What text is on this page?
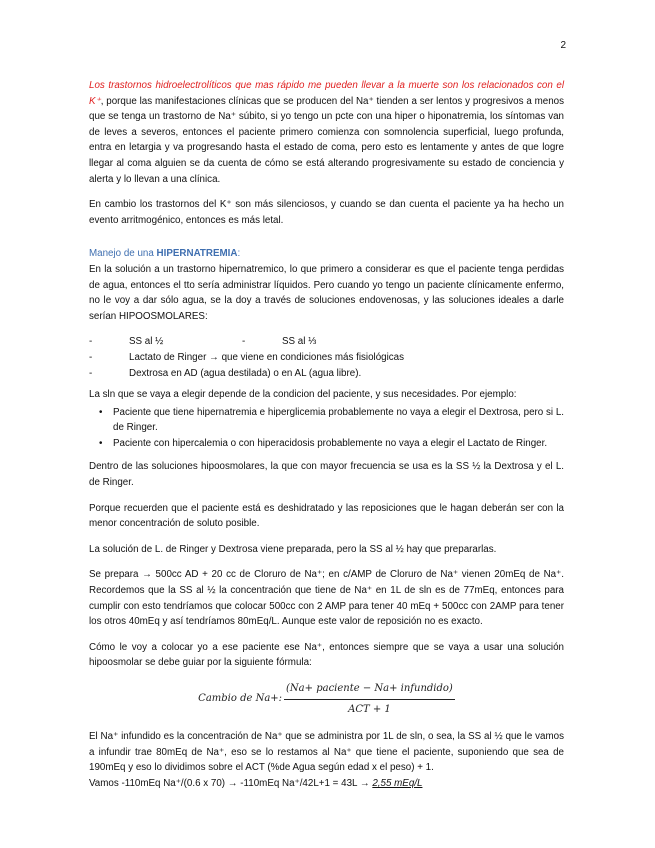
2

Los trastornos hidroelectrolíticos que mas rápido me pueden llevar a la muerte son los relacionados con el K⁺, porque las manifestaciones clínicas que se producen del Na⁺ tienden a ser lentos y progresivos a menos que se tenga un trastorno de Na⁺ súbito, si yo tengo un pcte con una hiper o hiponatremia, los síntomas van de leves a severos, entonces el paciente primero comienza con somnolencia superficial, luego profunda, entra en letargia y va progresando hasta el estado de coma, pero esto es lentamente y antes de que logre llegar al coma alguien se da cuenta de cómo se está alterando progresivamente su estado de conciencia y alerta y lo llevan a una clínica.

En cambio los trastornos del K⁺ son más silenciosos, y cuando se dan cuenta el paciente ya ha hecho un evento arritmogénico, entonces es más letal.

Manejo de una HIPERNATREMIA:

En la solución a un trastorno hipernatremico, lo que primero a considerar es que el paciente tenga perdidas de agua, entonces el tto sería administrar líquidos. Pero cuando yo tengo un paciente clínicamente enfermo, no le voy a dar sólo agua, se la doy a través de soluciones endovenosas, y las soluciones ideales a darle serían HIPOOSMOLARES:

- SS al ½	-	SS al ⅓
- Lactato de Ringer → que viene en condiciones más fisiológicas
- Dextrosa en AD (agua destilada) o en AL (agua libre).

La sln que se vaya a elegir depende de la condicion del paciente, y sus necesidades. Por ejemplo:

• Paciente que tiene hipernatremia e hiperglicemia probablemente no vaya a elegir el Dextrosa, pero si L. de Ringer.
• Paciente con hipercalemia o con hiperacidosis probablemente no vaya a elegir el Lactato de Ringer.

Dentro de las soluciones hipoosmolares, la que con mayor frecuencia se usa es la SS ½ la Dextrosa y el L. de Ringer.

Porque recuerden que el paciente está es deshidratado y las reposiciones que le hagan deberán ser con la menor concentración de soluto posible.

La solución de L. de Ringer y Dextrosa viene preparada, pero la SS al ½ hay que prepararlas.

Se prepara → 500cc AD + 20 cc de Cloruro de Na⁺; en c/AMP de Cloruro de Na⁺ vienen 20mEq de Na⁺. Recordemos que la SS al ½ la concentración que tiene de Na⁺ en 1L de sln es de 77mEq, entonces para cumplir con esto tendríamos que colocar 500cc con 2 AMP para tener 40 mEq + 500cc con 2AMP para tener los otros 40mEq y así tendríamos 80mEq/L. Aunque este valor de reposición no es exacto.

Cómo le voy a colocar yo a ese paciente ese Na⁺, entonces siempre que se vaya a usar una solución hipoosmolar se debe guiar por la siguiente fórmula:

Cambio de Na+: $\frac{\text{(Na+ paciente − Na+ infundido)}}{\text{ACT + 1}}$

El Na⁺ infundido es la concentración de Na⁺ que se administra por 1L de sln, o sea, la SS al ½ que le vamos a infundir trae 80mEq de Na⁺, eso se lo restamos al Na⁺ que tiene el paciente, suponiendo que sea de 190mEq y eso lo dividimos sobre el ACT (%de Agua según edad x el peso) + 1.

Vamos -110mEq Na⁺/(0.6 x 70) → -110mEq Na⁺/42L+1 = 43L → 2,55 mEq/L
